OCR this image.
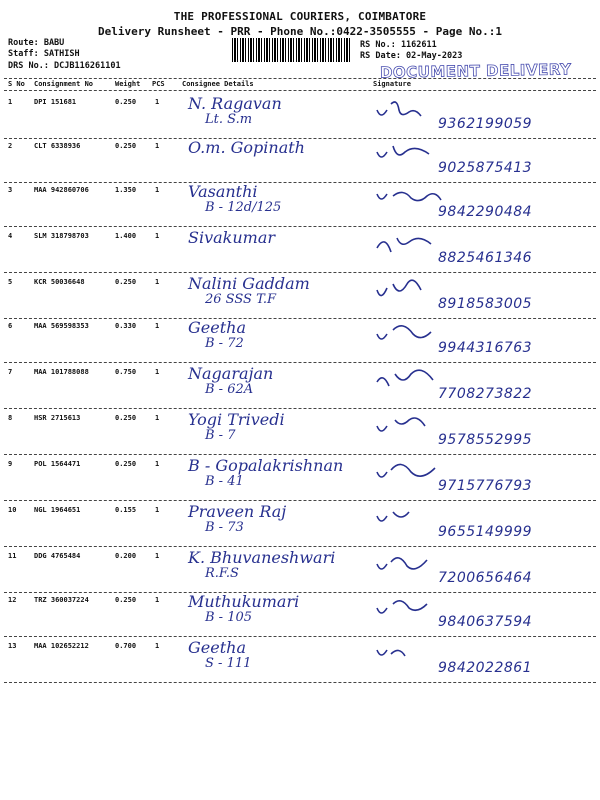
THE PROFESSIONAL COURIERS, COIMBATORE
Delivery Runsheet - PRR - Phone No.:0422-3505555 - Page No.:1
Route: BABU
Staff: SATHISH
DRS No.: DCJB116261101
RS No.: 1162611
RS Date: 02-May-2023
DOCUMENT DELIVERY
S No Consignment No	Weight PCS Consignee Details	Signature
1	DPI 151681	0.250	1 N. Ragavan
Lt. S.m	9362199059
2	CLT 6338936	0.250	1 O.m. Gopinath
9025875413
3	MAA 942860706	1.350	1 Vasanthi
B - 12d/125	9842290484
4	SLM 318798703	1.400	1 Sivakumar
8825461346
5	KCR 50036648	0.250	1 Nalini Gaddam
26 SSS T.F	8918583005
6	MAA 569598353	0.330	1 Geetha
B - 72	9944316763
7	MAA 101788088	0.750	1 Nagarajan
B - 62A	7708273822
8	HSR 2715613	0.250	1 Yogi Trivedi
B - 7	9578552995
9	POL 1564471	0.250	1 B - Gopalakrishnan
B - 41	9715776793
10	NGL 1964651	0.155	1 Praveen Raj
B - 73	9655149999
11	DDG 4765484	0.200	1 K. Bhuvaneshwari
R.F.S	7200656464
12	TRZ 360037224	0.250	1 Muthukumari
B - 105	9840637594
13	MAA 102652212	0.700	1 Geetha
S - 111	9842022861
